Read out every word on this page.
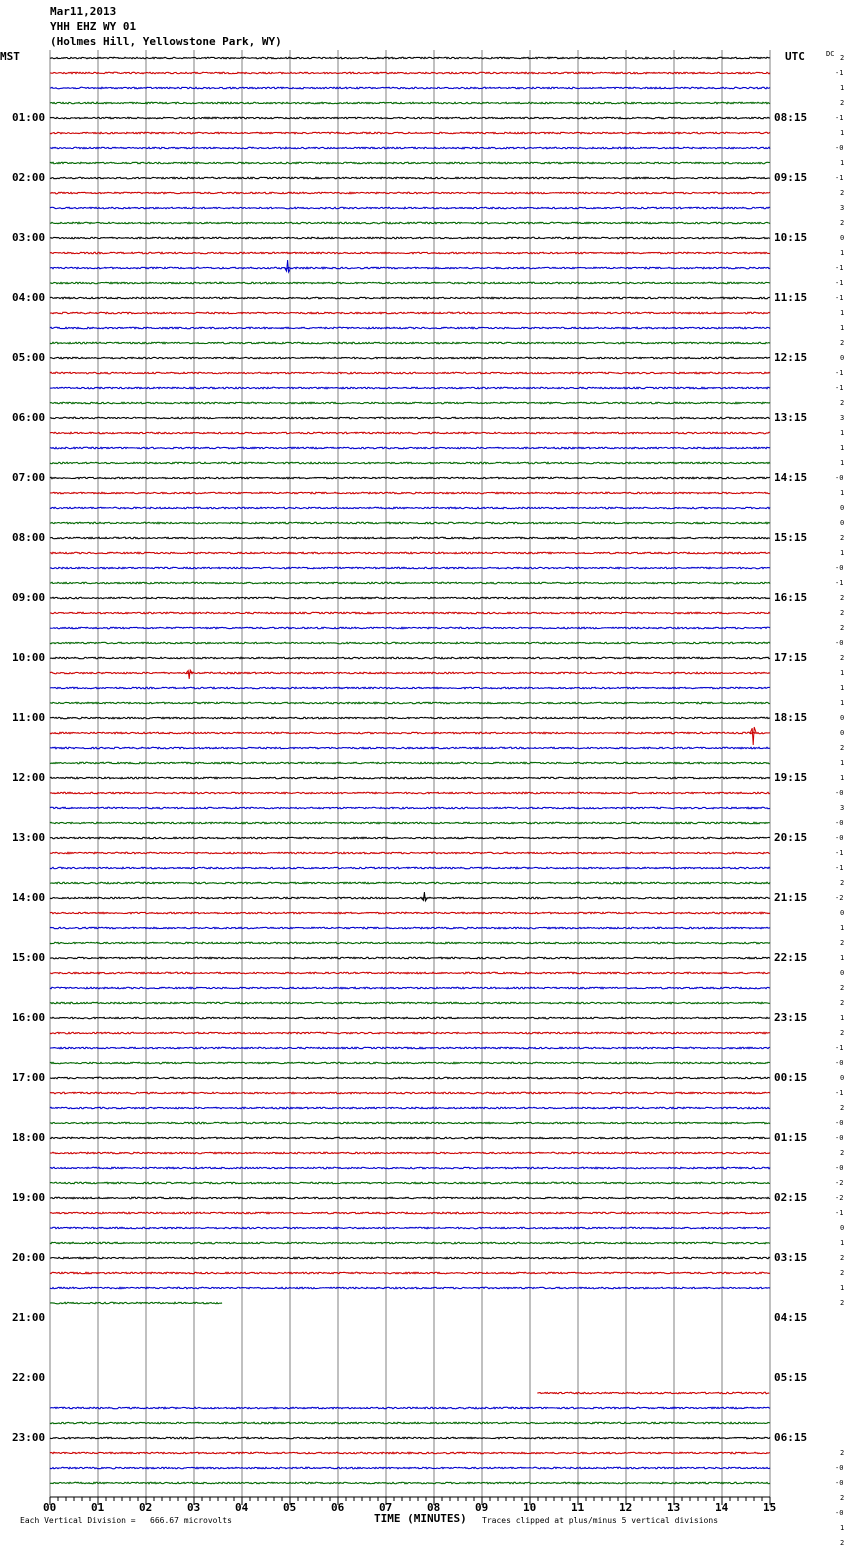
Mar11,2013
YHH EHZ WY 01
(Holmes Hill, Yellowstone Park, WY)
MST	UTC	DC
01:00
02:00
03:00
04:00
05:00
06:00
07:00
08:00
09:00
10:00
11:00
12:00
13:00
14:00
15:00
16:00
17:00
18:00
19:00
20:00
21:00
22:00
23:00
08:15
09:15
10:15
11:15
12:15
13:15
14:15
15:15
16:15
17:15
18:15
19:15
20:15
21:15
22:15
23:15
00:15
01:15
02:15
03:15
04:15
05:15
06:15
2
-1
1
2
-1
1
-0
1
-1
2
3
2
0
1
-1
-1
-1
1
1
2
0
-1
-1
2
3
1
1
1
-0
1
0
0
2
1
-0
-1
2
2
2
-0
2
1
1
1
0
0
2
1
1
-0
3
-0
-0
-1
-1
2
-2
0
1
2
1
0
2
2
1
2
-1
-0
0
-1
2
-0
-0
2
-0
-2
-2
-1
0
1
2
2
1
2
2
-0
-0
2
-0
1
2
00	01	02	03	04	05	06	07	08	09	10	11	12	13	14	15
Each Vertical Division =   666.67 microvolts	TIME (MINUTES) Traces clipped at plus/minus 5 vertical divisions
